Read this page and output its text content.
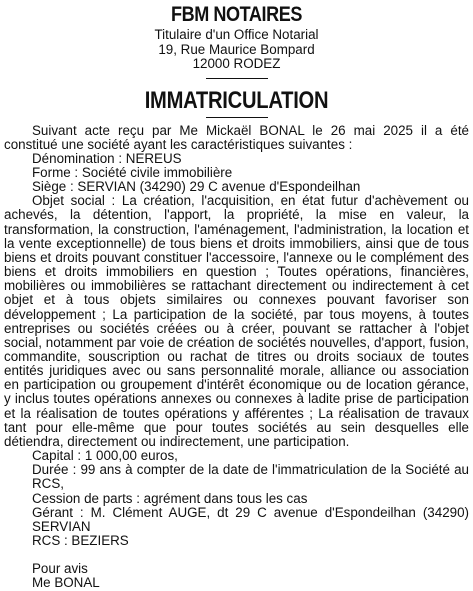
FBM NOTAIRES
Titulaire d'un Office Notarial
19, Rue Maurice Bompard
12000 RODEZ
IMMATRICULATION

Suivant acte reçu par Me Mickaël BONAL le 26 mai 2025 il a été constitué une société ayant les caractéristiques suivantes :

Dénomination : NEREUS

Forme : Société civile immobilière

Siège : SERVIAN (34290) 29 C avenue d'Espondeilhan

Objet social : La création, l'acquisition, en état futur d'achèvement ou achevés, la détention, l'apport, la propriété, la mise en valeur, la transformation, la construction, l'aménagement, l'administration, la location et la vente exceptionnelle) de tous biens et droits immobiliers, ainsi que de tous biens et droits pouvant constituer l'accessoire, l'annexe ou le complément des biens et droits immobiliers en question ; Toutes opérations, financières, mobilières ou immobilières se rattachant directement ou indirectement à cet objet et à tous objets similaires ou connexes pouvant favoriser son développement ; La participation de la société, par tous moyens, à toutes entreprises ou sociétés créées ou à créer, pouvant se rattacher à l'objet social, notamment par voie de création de sociétés nouvelles, d'apport, fusion, commandite, souscription ou rachat de titres ou droits sociaux de toutes entités juridiques avec ou sans personnalité morale, alliance ou association en participation ou groupement d'intérêt économique ou de location gérance, y inclus toutes opérations annexes ou connexes à ladite prise de participation et la réalisation de toutes opérations y afférentes ; La réalisation de travaux tant pour elle-même que pour toutes sociétés au sein desquelles elle détiendra, directement ou indirectement, une participation.

Capital : 1 000,00 euros,

Durée : 99 ans à compter de la date de l'immatriculation de la Société au RCS,

Cession de parts : agrément dans tous les cas

Gérant : M. Clément AUGE, dt 29 C avenue d'Espondeilhan (34290) SERVIAN

RCS : BEZIERS

Pour avis

Me BONAL
